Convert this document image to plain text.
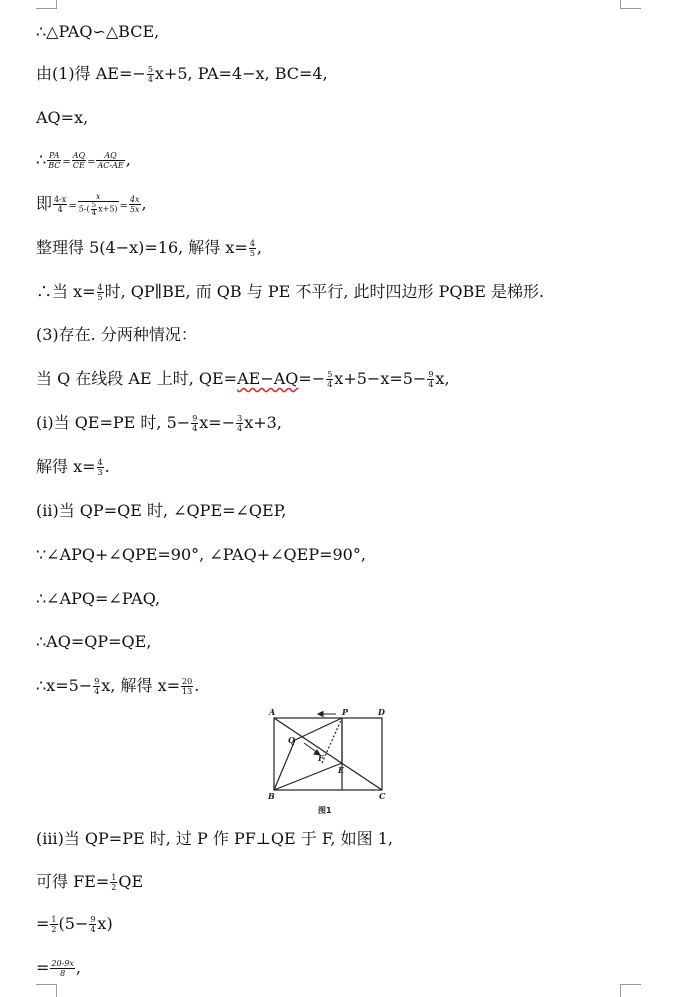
∴△PAQ∽△BCE,
由(1)得 $AE=- \frac{5}{4} x+5$, PA=4−x, BC=4,
AQ=x,
∴ $\frac{PA}{BC} = \frac{AQ}{CE} = \frac{AQ}{AC-AE}$ ,
即 $\frac{4-x}{4} = \frac{x}{5-( \frac{5}{4} x+5)} = \frac{4x}{5x}$ ,
整理得 5(4−x)=16, 解得 $x= \frac{4}{5}$ ,
∴当 $x= \frac{4}{5}$ 时, QP∥BE, 而 QB 与 PE 不平行, 此时四边形 PQBE 是梯形.
(3)存在. 分两种情况：
当 Q 在线段 AE 上时, $QE=AE-AQ=- \frac{5}{4} x+5-x=5- \frac{9}{4} x$,
(i)当 QE=PE 时, $5- \frac{9}{4} x=- \frac{3}{4} x+3$,
解得 $x= \frac{4}{3}$ .
(ii)当 QP=QE 时, ∠QPE=∠QEP,
∵∠APQ+∠QPE=90°, ∠PAQ+∠QEP=90°,
∴∠APQ=∠PAQ,
∴AQ=QP=QE,
∴x=5− $\frac{9}{4} x$, 解得 $x= \frac{20}{13}$ .
A	P	D
Q
F
E
B	C
图1
(iii)当 QP=PE 时, 过 P 作 PF⊥QE 于 F, 如图 1,
可得 $FE= \frac{1}{2}$ QE
= $\frac{1}{2} (5- \frac{9}{4} x)$
= $\frac{20-9x}{8}$ ,
